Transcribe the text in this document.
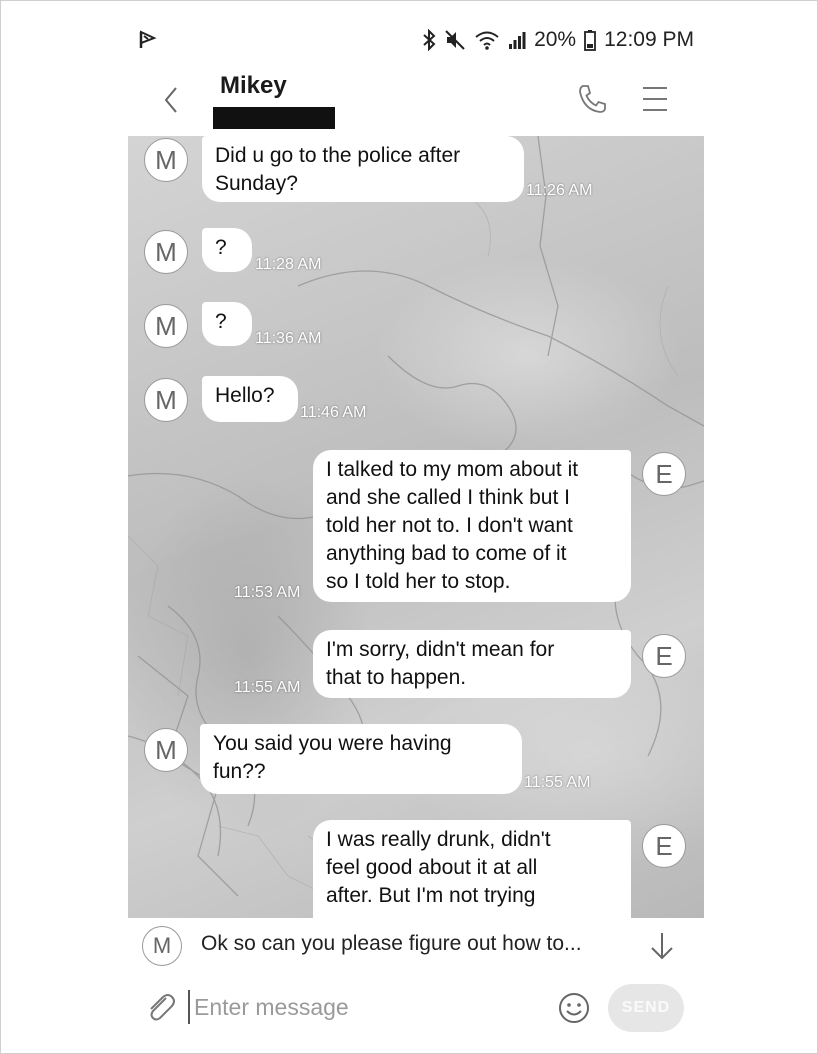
20% 12:09 PM
Mikey
M	Did u go to the police after
Sunday?	11:26 AM
M	?
11:28 AM
M	?
11:36 AM
M	Hello?
11:46 AM
11:53 AM
I talked to my mom about it
and she called I think but I
told her not to. I don't want
anything bad to come of it
so I told her to stop.
E
11:55 AM
I'm sorry, didn't mean for
that to happen.
E
M	You said you were having
fun??	11:55 AM
I was really drunk, didn't
feel good about it at all
after. But I'm not trying
E
M	Ok so can you please figure out how to...
Enter message
SEND
